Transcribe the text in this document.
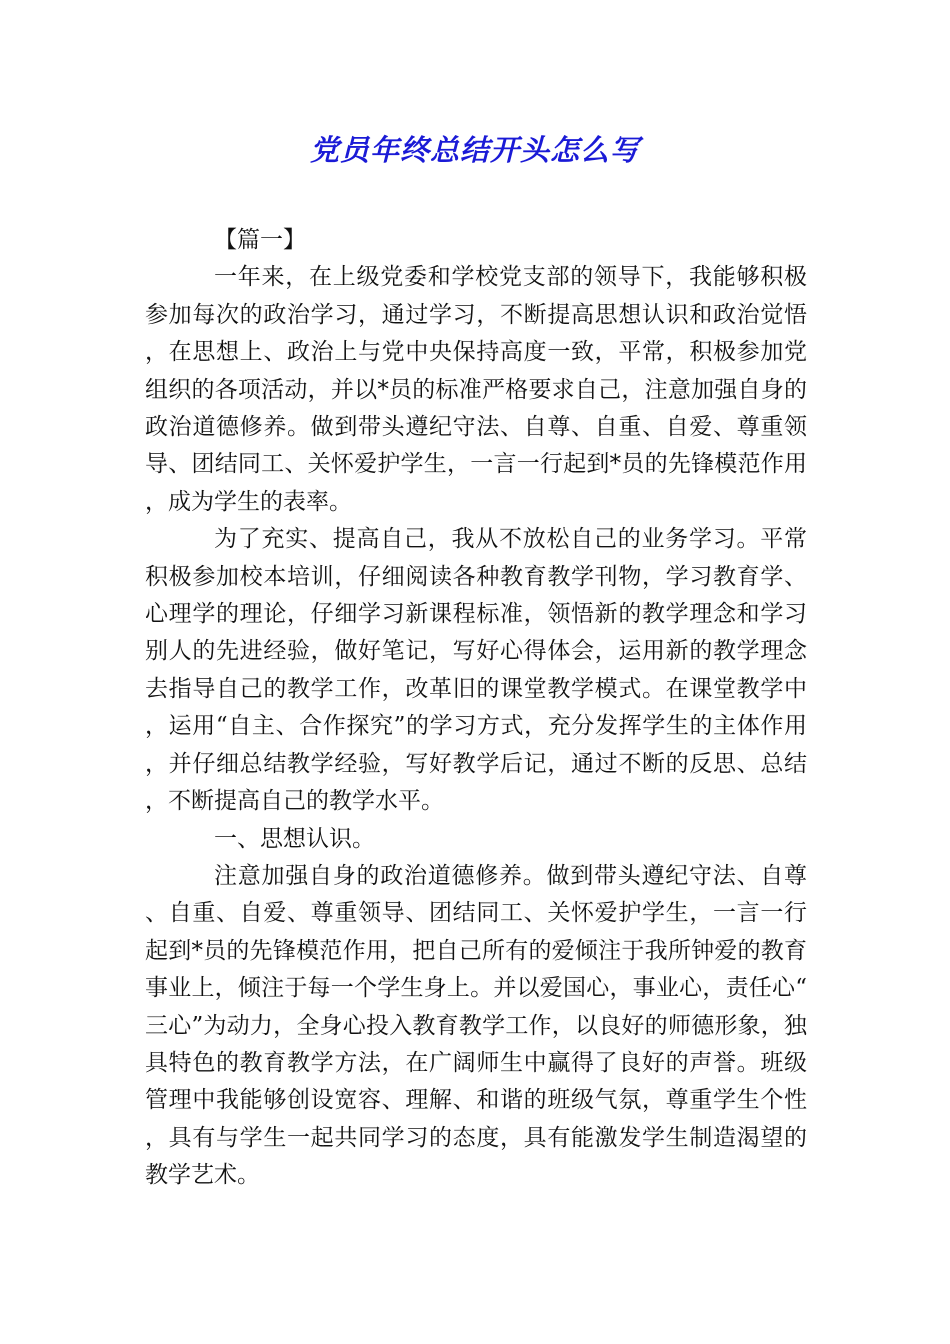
党员年终总结开头怎么写

【篇一】

一年来，在上级党委和学校党支部的领导下，我能够积极参加每次的政治学习，通过学习，不断提高思想认识和政治觉悟，在思想上、政治上与党中央保持高度一致，平常，积极参加党组织的各项活动，并以*员的标准严格要求自己，注意加强自身的政治道德修养。做到带头遵纪守法、自尊、自重、自爱、尊重领导、团结同工、关怀爱护学生，一言一行起到*员的先锋模范作用，成为学生的表率。

为了充实、提高自己，我从不放松自己的业务学习。平常积极参加校本培训，仔细阅读各种教育教学刊物，学习教育学、心理学的理论，仔细学习新课程标准，领悟新的教学理念和学习别人的先进经验，做好笔记，写好心得体会，运用新的教学理念去指导自己的教学工作，改革旧的课堂教学模式。在课堂教学中，运用“自主、合作探究”的学习方式，充分发挥学生的主体作用，并仔细总结教学经验，写好教学后记，通过不断的反思、总结，不断提高自己的教学水平。

一、思想认识。

注意加强自身的政治道德修养。做到带头遵纪守法、自尊、自重、自爱、尊重领导、团结同工、关怀爱护学生，一言一行起到*员的先锋模范作用，把自己所有的爱倾注于我所钟爱的教育事业上，倾注于每一个学生身上。并以爱国心，事业心，责任心“三心”为动力，全身心投入教育教学工作，以良好的师德形象，独具特色的教育教学方法，在广阔师生中赢得了良好的声誉。班级管理中我能够创设宽容、理解、和谐的班级气氛，尊重学生个性，具有与学生一起共同学习的态度，具有能激发学生制造渴望的教学艺术。
